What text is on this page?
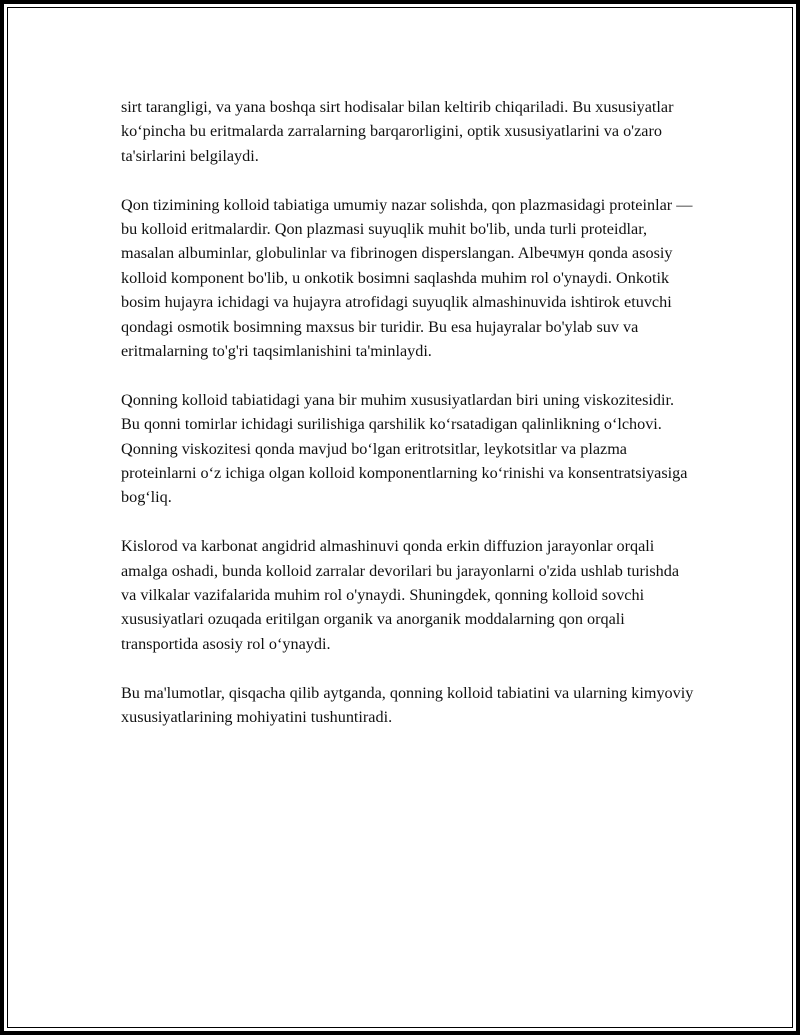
sirt tarangligi, va yana boshqa sirt hodisalar bilan keltirib chiqariladi. Bu xususiyatlar koʻpincha bu eritmalarda zarralarning barqarorligini, optik xususiyatlarini va o'zaro ta'sirlarini belgilaydi.

Qon tizimining kolloid tabiatiga umumiy nazar solishda, qon plazmasidagi proteinlar — bu kolloid eritmalardir. Qon plazmasi suyuqlik muhit bo'lib, unda turli proteidlar, masalan albuminlar, globulinlar va fibrinogen disperslangan. Albeчмун qonda asosiy kolloid komponent bo'lib, u onkotik bosimni saqlashda muhim rol o'ynaydi. Onkotik bosim hujayra ichidagi va hujayra atrofidagi suyuqlik almashinuvida ishtirok etuvchi qondagi osmotik bosimning maxsus bir turidir. Bu esa hujayralar bo'ylab suv va eritmalarning to'g'ri taqsimlanishini ta'minlaydi.

Qonning kolloid tabiatidagi yana bir muhim xususiyatlardan biri uning viskozitesidir. Bu qonni tomirlar ichidagi surilishiga qarshilik koʻrsatadigan qalinlikning oʻlchovi. Qonning viskozitesi qonda mavjud boʻlgan eritrotsitlar, leykotsitlar va plazma proteinlarni oʻz ichiga olgan kolloid komponentlarning koʻrinishi va konsentratsiyasiga bogʻliq.

Kislorod va karbonat angidrid almashinuvi qonda erkin diffuzion jarayonlar orqali amalga oshadi, bunda kolloid zarralar devorilari bu jarayonlarni o'zida ushlab turishda va vilkalar vazifalarida muhim rol o'ynaydi. Shuningdek, qonning kolloid sovchi xususiyatlari ozuqada eritilgan organik va anorganik moddalarning qon orqali transportida asosiy rol oʻynaydi.

Bu ma'lumotlar, qisqacha qilib aytganda, qonning kolloid tabiatini va ularning kimyoviy xususiyatlarining mohiyatini tushuntiradi.
